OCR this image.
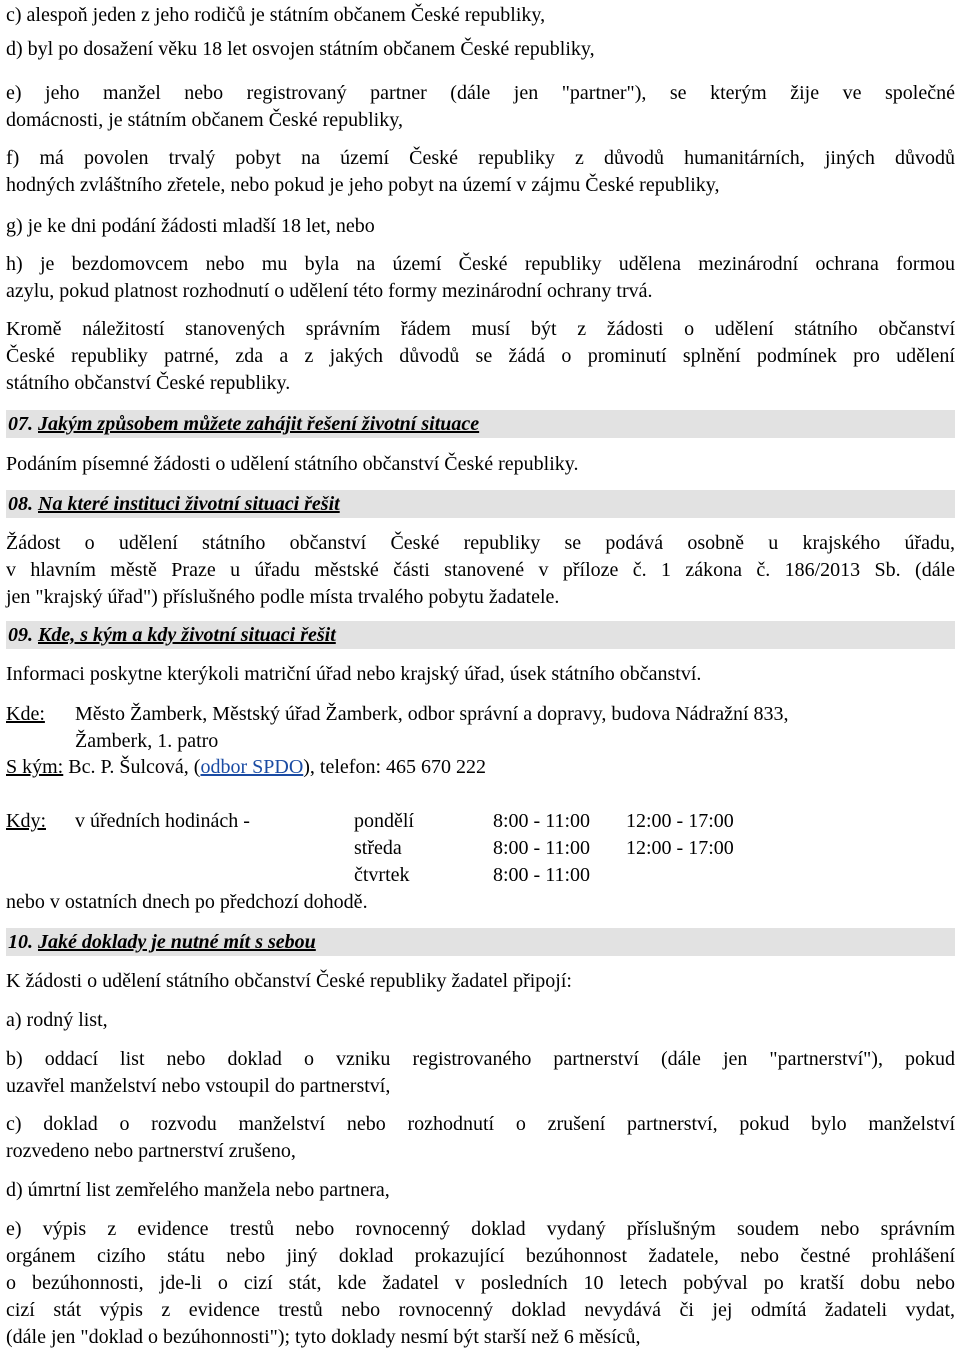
c) alespoň jeden z jeho rodičů je státním občanem České republiky,
d) byl po dosažení věku 18 let osvojen státním občanem České republiky,
e) jeho manžel nebo registrovaný partner (dále jen "partner"), se kterým žije ve společné
domácnosti, je státním občanem České republiky,
f) má povolen trvalý pobyt na území České republiky z důvodů humanitárních, jiných důvodů
hodných zvláštního zřetele, nebo pokud je jeho pobyt na území v zájmu České republiky,
g) je ke dni podání žádosti mladší 18 let, nebo
h) je bezdomovcem nebo mu byla na území České republiky udělena mezinárodní ochrana formou
azylu, pokud platnost rozhodnutí o udělení této formy mezinárodní ochrany trvá.
Kromě náležitostí stanovených správním řádem musí být z žádosti o udělení státního občanství
České republiky patrné, zda a z jakých důvodů se žádá o prominutí splnění podmínek pro udělení
státního občanství České republiky.
07. Jakým způsobem můžete zahájit řešení životní situace
Podáním písemné žádosti o udělení státního občanství České republiky.
08. Na které instituci životní situaci řešit
Žádost o udělení státního občanství České republiky se podává osobně u krajského úřadu,
v hlavním městě Praze u úřadu městské části stanovené v příloze č. 1 zákona č. 186/2013 Sb. (dále
jen "krajský úřad") příslušného podle místa trvalého pobytu žadatele.
09. Kde, s kým a kdy životní situaci řešit
Informaci poskytne kterýkoli matriční úřad nebo krajský úřad, úsek státního občanství.
Kde:	Město Žamberk, Městský úřad Žamberk, odbor správní a dopravy, budova Nádražní 833,
Žamberk, 1. patro
S kým: Bc. P. Šulcová, (odbor SPDO), telefon: 465 670 222
Kdy:	v úředních hodinách -	pondělí	8:00 - 11:00	12:00 - 17:00
středa	8:00 - 11:00	12:00 - 17:00
čtvrtek	8:00 - 11:00
nebo v ostatních dnech po předchozí dohodě.
10. Jaké doklady je nutné mít s sebou
K žádosti o udělení státního občanství České republiky žadatel připojí:
a) rodný list,
b) oddací list nebo doklad o vzniku registrovaného partnerství (dále jen "partnerství"), pokud
uzavřel manželství nebo vstoupil do partnerství,
c) doklad o rozvodu manželství nebo rozhodnutí o zrušení partnerství, pokud bylo manželství
rozvedeno nebo partnerství zrušeno,
d) úmrtní list zemřelého manžela nebo partnera,
e) výpis z evidence trestů nebo rovnocenný doklad vydaný příslušným soudem nebo správním
orgánem cizího státu nebo jiný doklad prokazující bezúhonnost žadatele, nebo čestné prohlášení
o bezúhonnosti, jde-li o cizí stát, kde žadatel v posledních 10 letech pobýval po kratší dobu nebo
cizí stát výpis z evidence trestů nebo rovnocenný doklad nevydává či jej odmítá žadateli vydat,
(dále jen "doklad o bezúhonnosti"); tyto doklady nesmí být starší než 6 měsíců,
